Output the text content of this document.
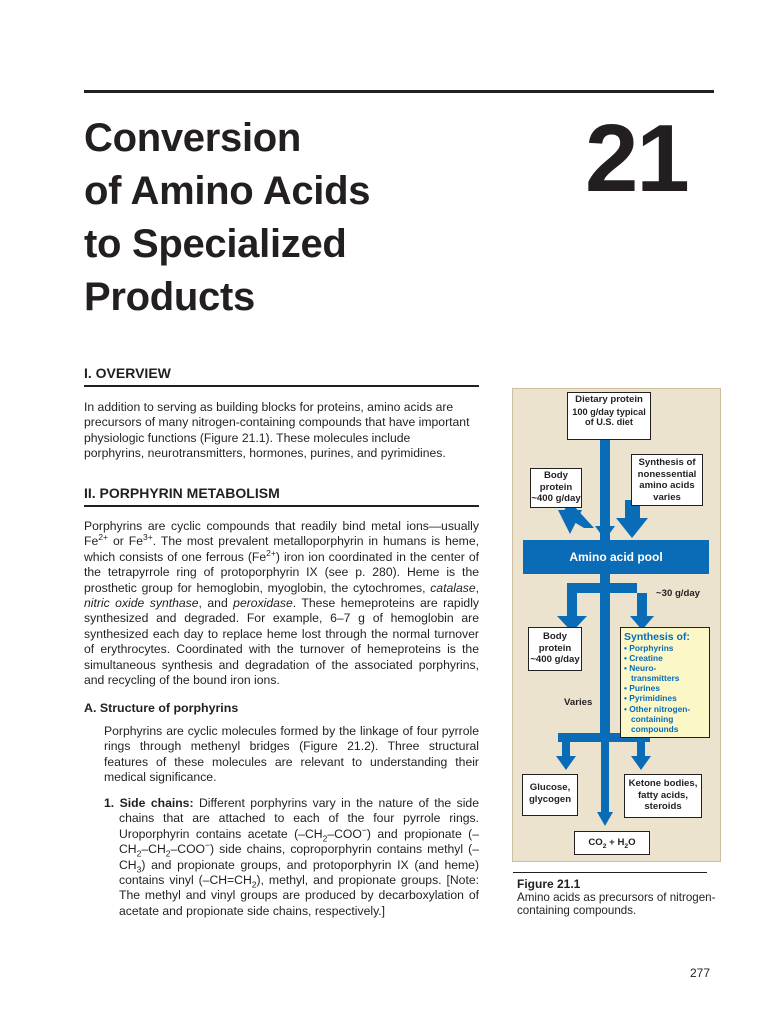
Conversion
of Amino Acids
to Specialized
Products
21
I. OVERVIEW
In addition to serving as building blocks for proteins, amino acids are
precursors of many nitrogen-containing compounds that have important
physiologic functions (Figure 21.1). These molecules include
porphyrins, neurotransmitters, hormones, purines, and pyrimidines.
II. PORPHYRIN METABOLISM

Porphyrins are cyclic compounds that readily bind metal ions—usually $Fe^{2+}$ or $Fe^{3+}$. The most prevalent metalloporphyrin in humans is heme, which consists of one ferrous $(Fe^{2+})$ iron ion coordinated in the center of the tetrapyrrole ring of protoporphyrin IX (see p. 280). Heme is the prosthetic group for hemoglobin, myoglobin, the cytochromes, catalase, nitric oxide synthase, and peroxidase. These hemeproteins are rapidly synthesized and degraded. For example, 6–7 g of hemoglobin are synthesized each day to replace heme lost through the normal turnover of erythrocytes. Coordinated with the turnover of hemeproteins is the simultaneous synthesis and degradation of the associated porphyrins, and recycling of the bound iron ions.

A. Structure of porphyrins
Porphyrins are cyclic molecules formed by the linkage of four pyrrole rings through methenyl bridges (Figure 21.2). Three structural features of these molecules are relevant to understanding their medical significance.

1. Side chains: Different porphyrins vary in the nature of the side chains that are attached to each of the four pyrrole rings. Uroporphyrin contains acetate $(-CH_2-COO^-)$ and propionate $(-CH_2-CH_2-COO^-)$ side chains, coproporphyrin contains methyl $(-CH_3)$ and propionate groups, and protoporphyrin IX (and heme) contains vinyl $(-CH=CH_2)$, methyl, and propionate groups. [Note: The methyl and vinyl groups are produced by decarboxylation of acetate and propionate side chains, respectively.]

Dietary protein
100 g/day typical of U.S. diet
Body protein
~400 g/day
Synthesis of nonessential amino acids varies
Amino acid pool
~30 g/day
Body protein
~400 g/day
Varies
Synthesis of:
• Porphyrins
• Creatine
• Neuro-
transmitters
• Purines
• Pyrimidines
• Other nitrogen-
containing
compounds
Glucose, glycogen
Ketone bodies, fatty acids, steroids
$CO_2 + H_2O$
Figure 21.1
Amino acids as precursors of nitrogen-containing compounds.
277
